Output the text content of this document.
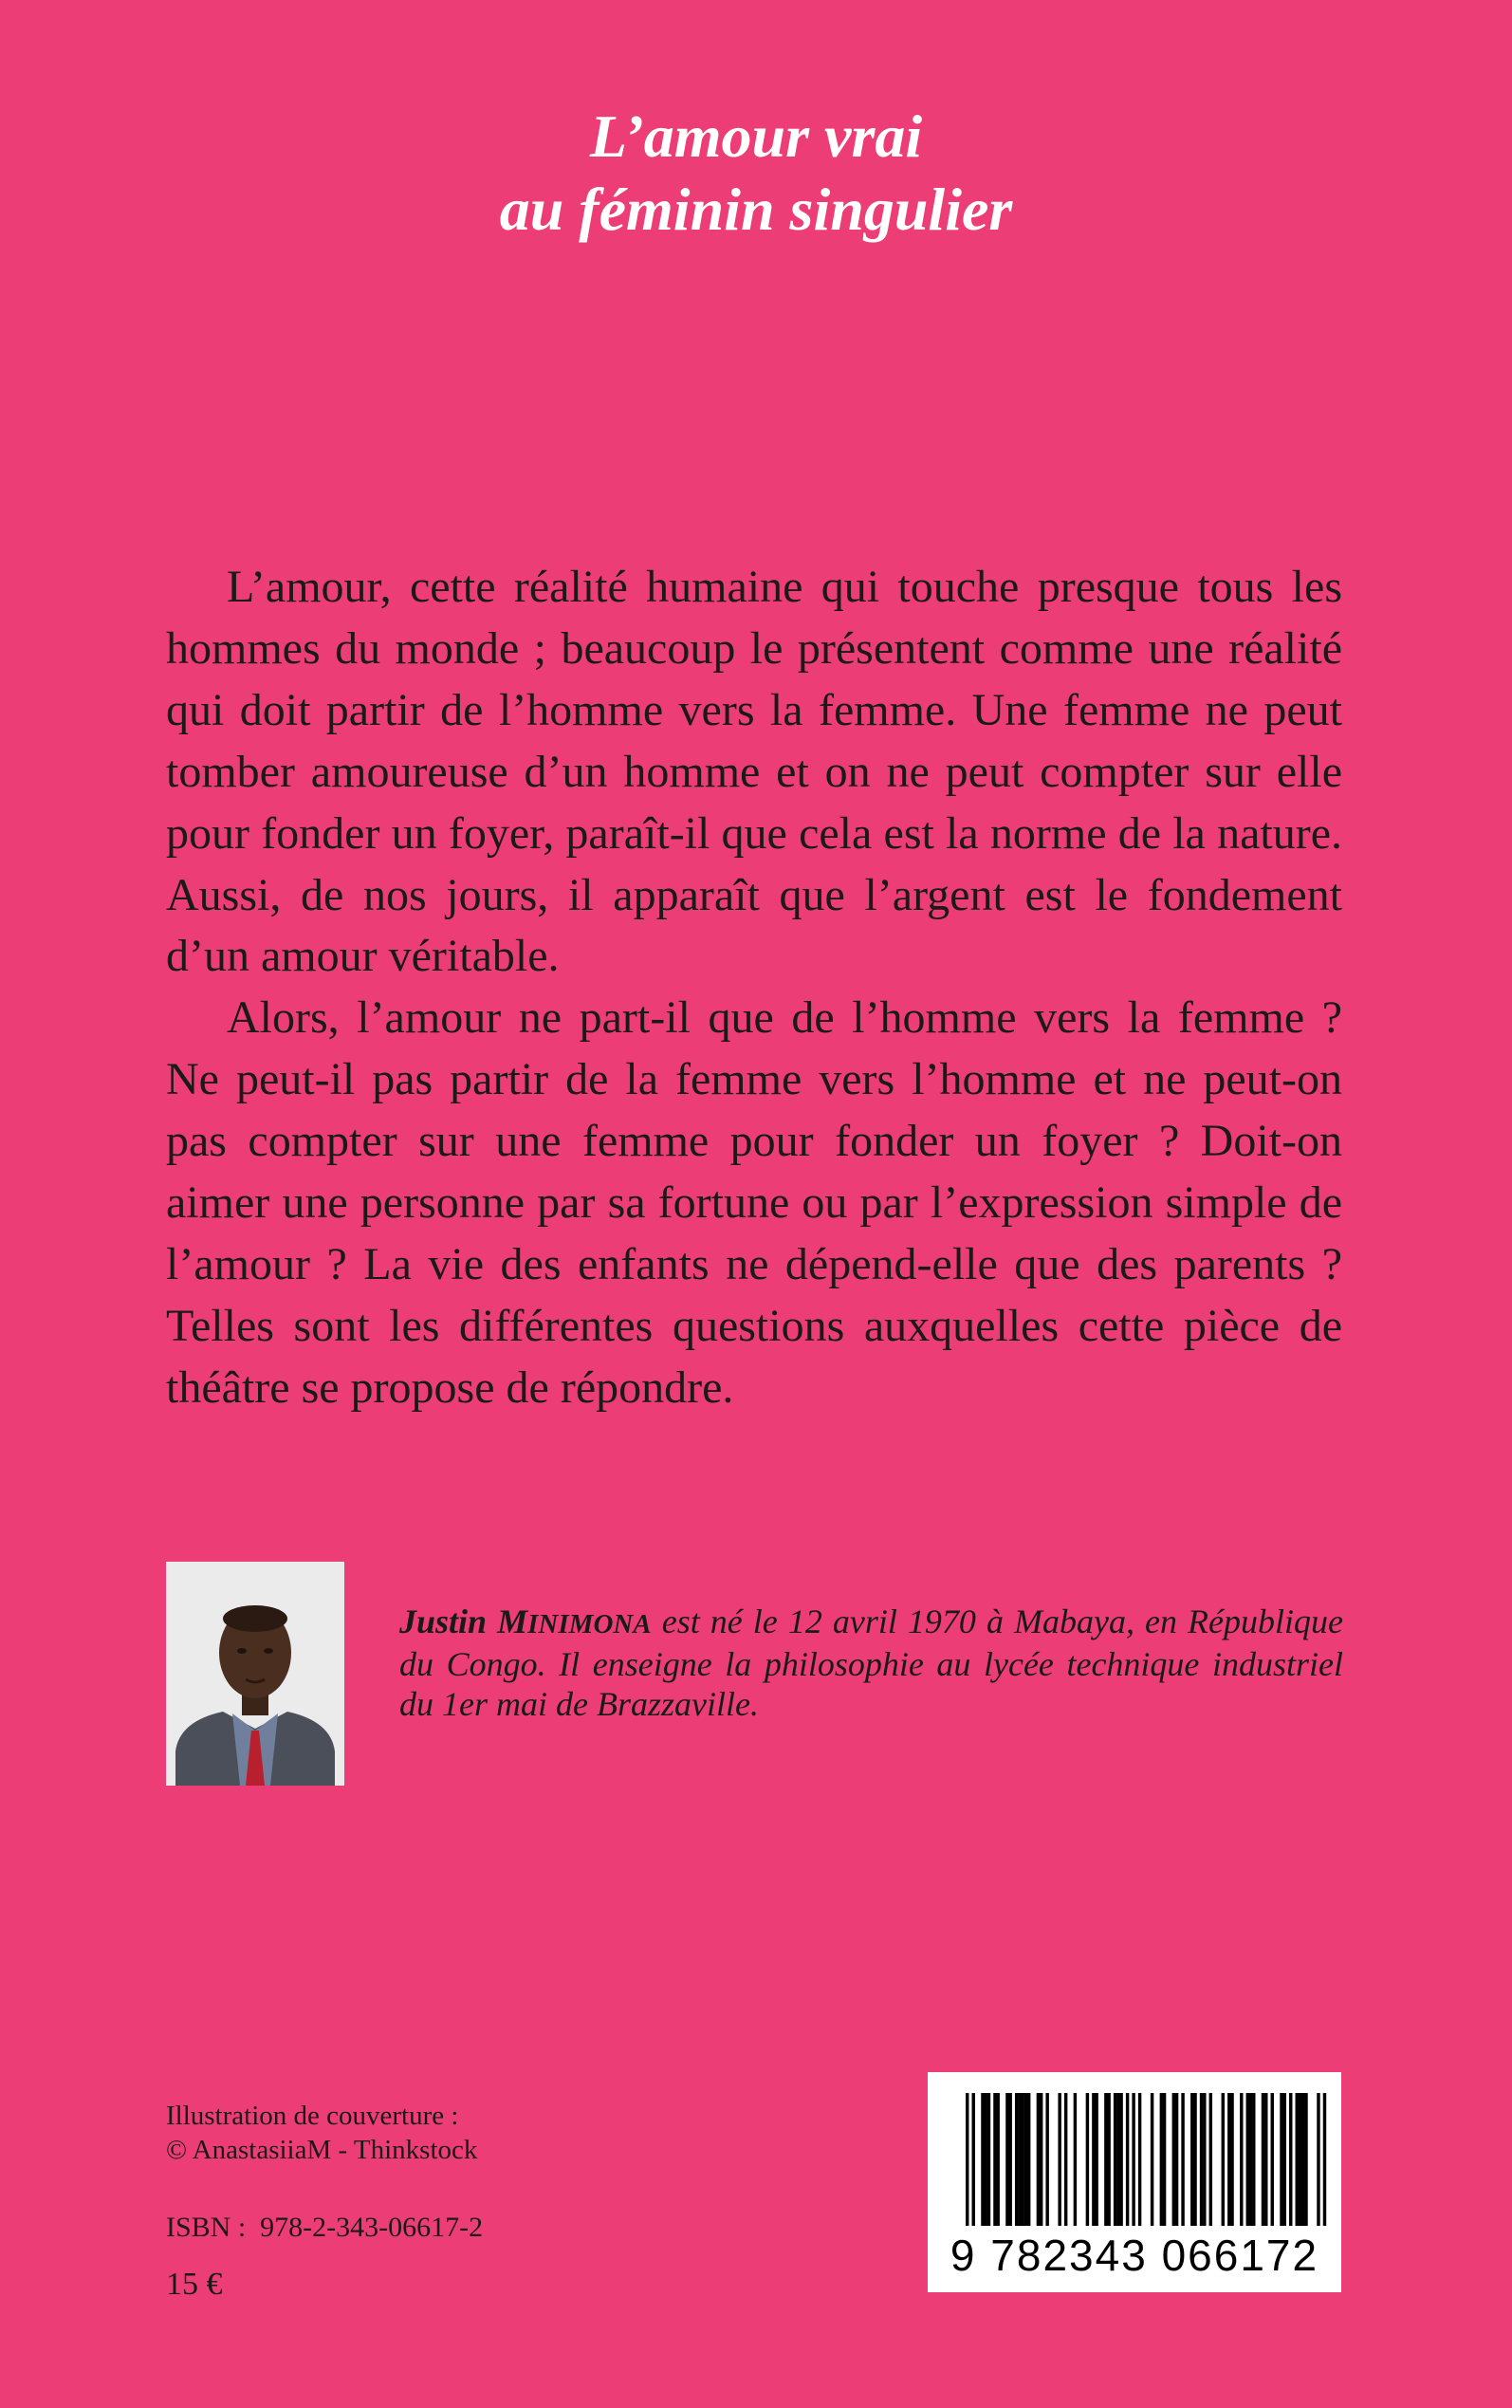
L’amour vrai
au féminin singulier

L’amour, cette réalité humaine qui touche presque tous les hommes du monde ; beaucoup le présentent comme une réalité qui doit partir de l’homme vers la femme. Une femme ne peut tomber amoureuse d’un homme et on ne peut compter sur elle pour fonder un foyer, paraît-il que cela est la norme de la nature. Aussi, de nos jours, il apparaît que l’argent est le fondement d’un amour véritable.

Alors, l’amour ne part-il que de l’homme vers la femme ? Ne peut-il pas partir de la femme vers l’homme et ne peut-on pas compter sur une femme pour fonder un foyer ? Doit-on aimer une personne par sa fortune ou par l’expression simple de l’amour ? La vie des enfants ne dépend-elle que des parents ? Telles sont les différentes questions auxquelles cette pièce de théâtre se propose de répondre.

Justin MINIMONA est né le 12 avril 1970 à Mabaya, en République du Congo. Il enseigne la philosophie au lycée technique industriel du 1er mai de Brazzaville.
Illustration de couverture :
© AnastasiiaM - Thinkstock
ISBN :  978-2-343-06617-2
15 €
9 782343 066172
